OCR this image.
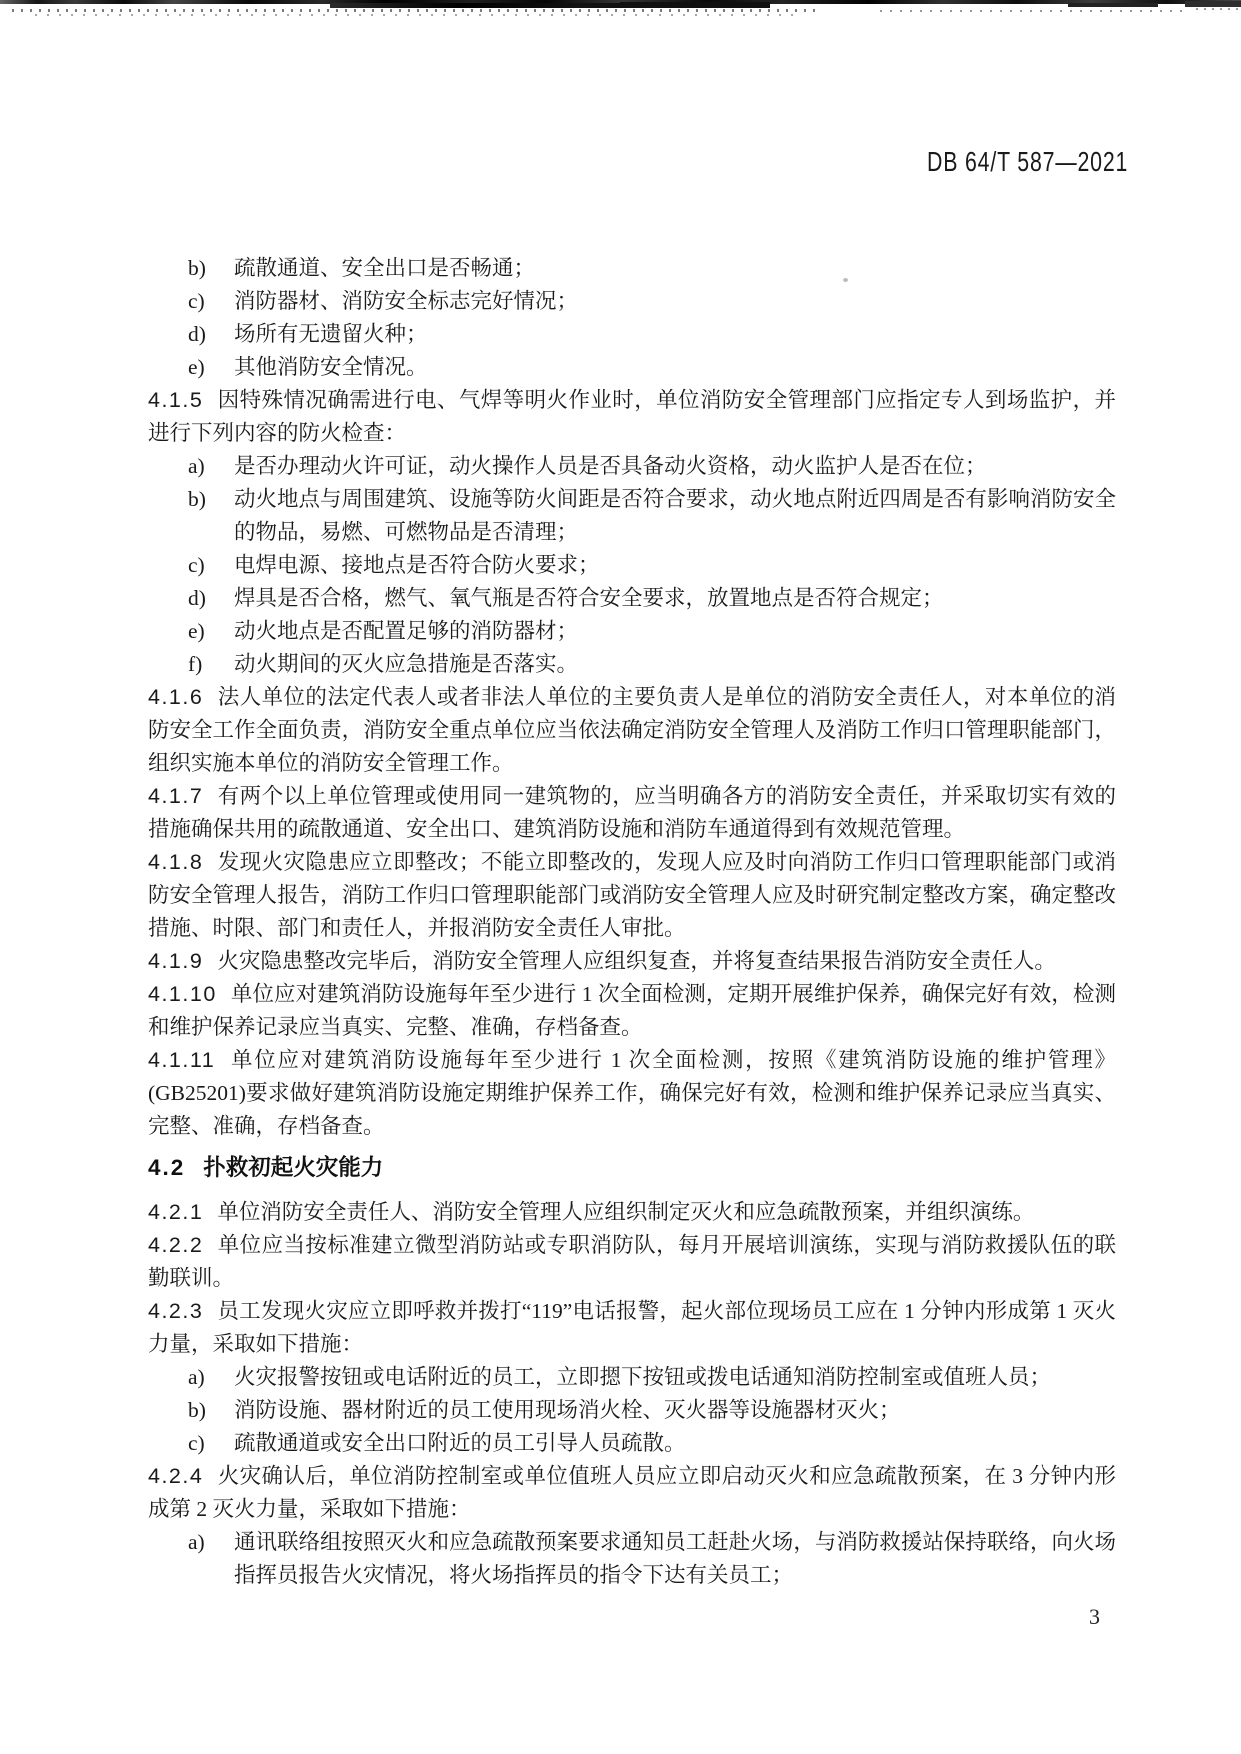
DB 64/T 587—2021

b) 疏散通道、安全出口是否畅通；

c) 消防器材、消防安全标志完好情况；

d) 场所有无遗留火种；

e) 其他消防安全情况。

4.1.5 因特殊情况确需进行电、气焊等明火作业时，单位消防安全管理部门应指定专人到场监护，并进行下列内容的防火检查：

a) 是否办理动火许可证，动火操作人员是否具备动火资格，动火监护人是否在位；

b) 动火地点与周围建筑、设施等防火间距是否符合要求，动火地点附近四周是否有影响消防安全的物品，易燃、可燃物品是否清理；

c) 电焊电源、接地点是否符合防火要求；

d) 焊具是否合格，燃气、氧气瓶是否符合安全要求，放置地点是否符合规定；

e) 动火地点是否配置足够的消防器材；

f) 动火期间的灭火应急措施是否落实。

4.1.6 法人单位的法定代表人或者非法人单位的主要负责人是单位的消防安全责任人，对本单位的消防安全工作全面负责，消防安全重点单位应当依法确定消防安全管理人及消防工作归口管理职能部门，组织实施本单位的消防安全管理工作。

4.1.7 有两个以上单位管理或使用同一建筑物的，应当明确各方的消防安全责任，并采取切实有效的措施确保共用的疏散通道、安全出口、建筑消防设施和消防车通道得到有效规范管理。

4.1.8 发现火灾隐患应立即整改；不能立即整改的，发现人应及时向消防工作归口管理职能部门或消防安全管理人报告，消防工作归口管理职能部门或消防安全管理人应及时研究制定整改方案，确定整改措施、时限、部门和责任人，并报消防安全责任人审批。

4.1.9 火灾隐患整改完毕后，消防安全管理人应组织复查，并将复查结果报告消防安全责任人。

4.1.10 单位应对建筑消防设施每年至少进行 1 次全面检测，定期开展维护保养，确保完好有效，检测和维护保养记录应当真实、完整、准确，存档备查。

4.1.11 单位应对建筑消防设施每年至少进行 1 次全面检测，按照《建筑消防设施的维护管理》(GB25201)要求做好建筑消防设施定期维护保养工作，确保完好有效，检测和维护保养记录应当真实、完整、准确，存档备查。

4.2 扑救初起火灾能力

4.2.1 单位消防安全责任人、消防安全管理人应组织制定灭火和应急疏散预案，并组织演练。

4.2.2 单位应当按标准建立微型消防站或专职消防队，每月开展培训演练，实现与消防救援队伍的联勤联训。

4.2.3 员工发现火灾应立即呼救并拨打“119”电话报警，起火部位现场员工应在 1 分钟内形成第 1 灭火力量，采取如下措施：

a) 火灾报警按钮或电话附近的员工，立即摁下按钮或拨电话通知消防控制室或值班人员；

b) 消防设施、器材附近的员工使用现场消火栓、灭火器等设施器材灭火；

c) 疏散通道或安全出口附近的员工引导人员疏散。

4.2.4 火灾确认后，单位消防控制室或单位值班人员应立即启动灭火和应急疏散预案，在 3 分钟内形成第 2 灭火力量，采取如下措施：

a) 通讯联络组按照灭火和应急疏散预案要求通知员工赶赴火场，与消防救援站保持联络，向火场指挥员报告火灾情况，将火场指挥员的指令下达有关员工；

3
